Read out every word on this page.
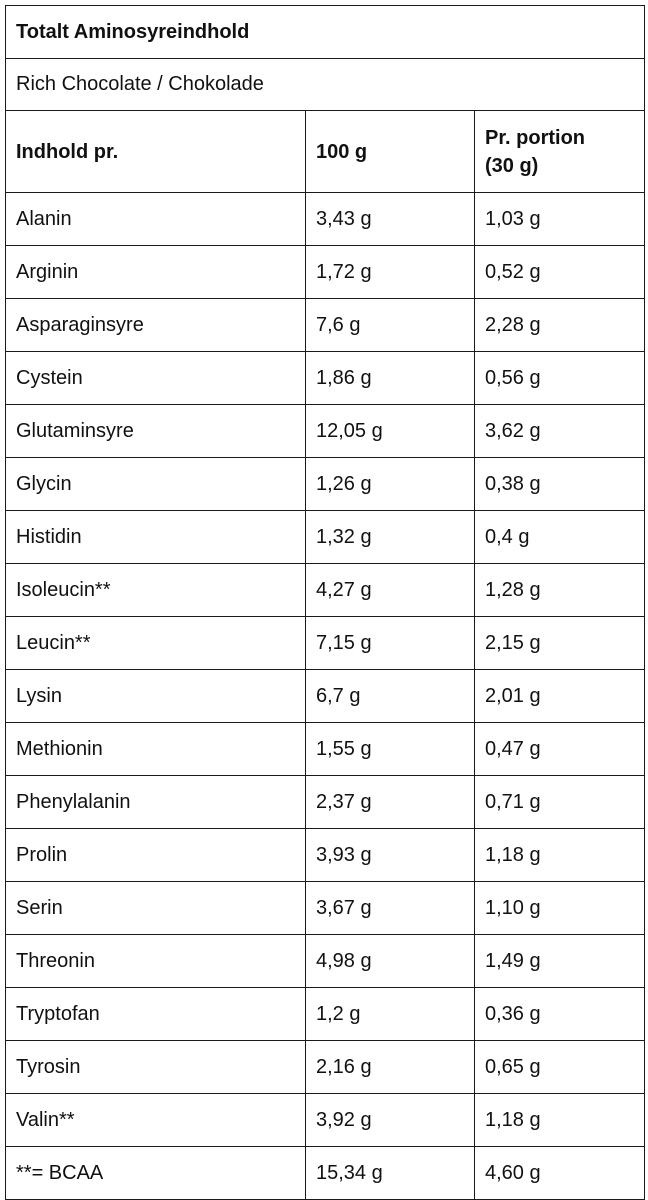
Totalt Aminosyreindhold		
Rich Chocolate / Chokolade		
Indhold pr.	100 g	Pr. portion
(30 g)
Alanin	3,43 g	1,03 g
Arginin	1,72 g	0,52 g
Asparaginsyre	7,6 g	2,28 g
Cystein	1,86 g	0,56 g
Glutaminsyre	12,05 g	3,62 g
Glycin	1,26 g	0,38 g
Histidin	1,32 g	0,4 g
Isoleucin**	4,27 g	1,28 g
Leucin**	7,15 g	2,15 g
Lysin	6,7 g	2,01 g
Methionin	1,55 g	0,47 g
Phenylalanin	2,37 g	0,71 g
Prolin	3,93 g	1,18 g
Serin	3,67 g	1,10 g
Threonin	4,98 g	1,49 g
Tryptofan	1,2 g	0,36 g
Tyrosin	2,16 g	0,65 g
Valin**	3,92 g	1,18 g
**= BCAA	15,34 g	4,60 g
